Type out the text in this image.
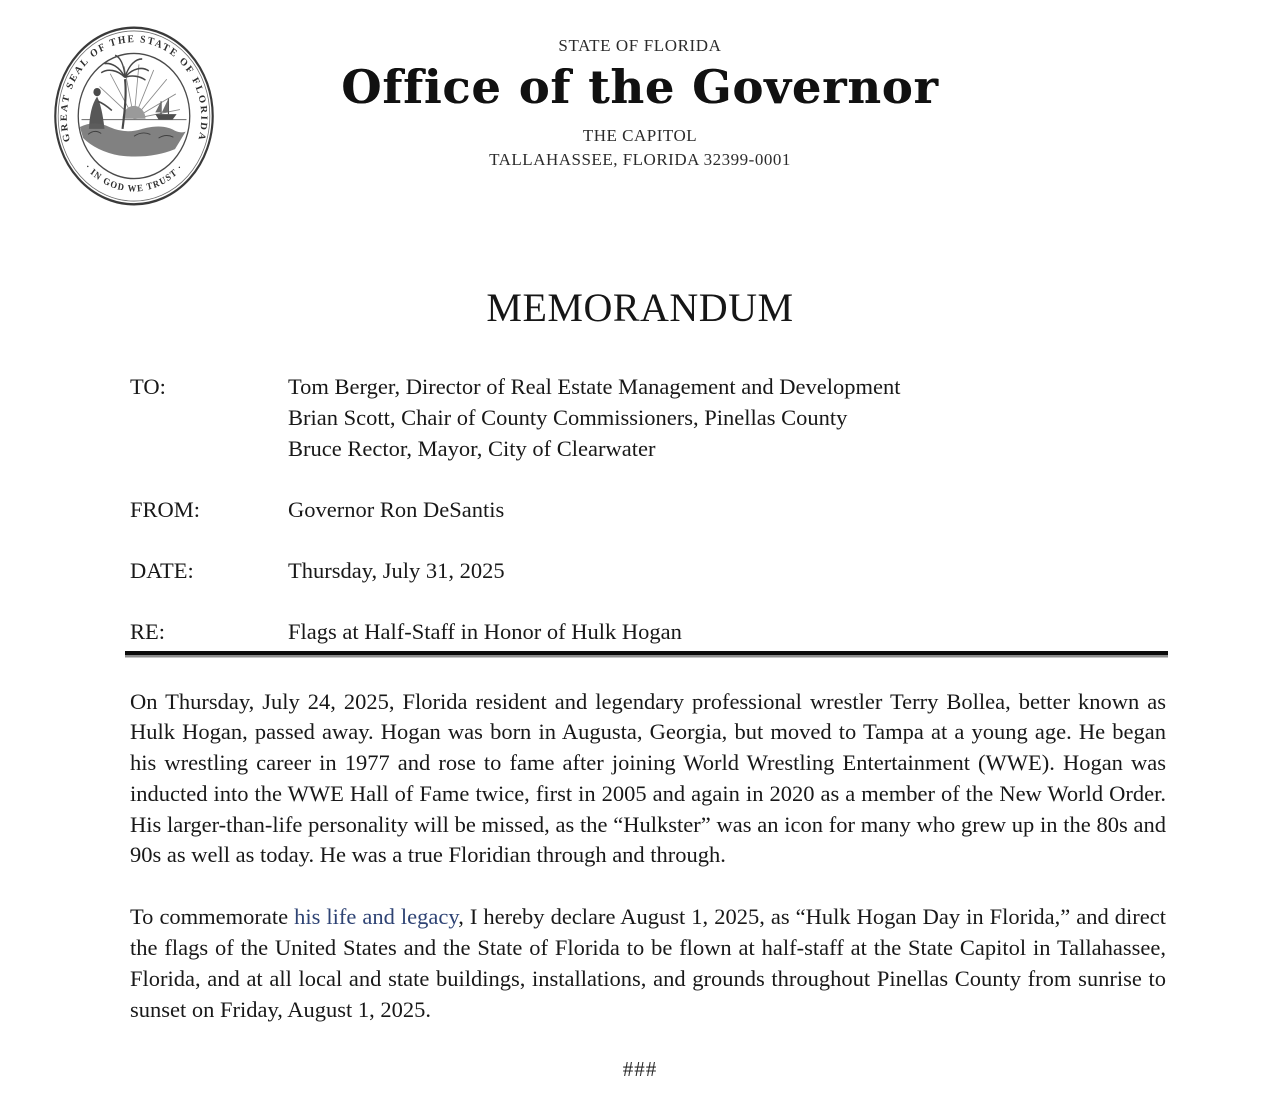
GREAT SEAL OF THE STATE OF FLORIDA
· IN GOD WE TRUST ·
STATE OF FLORIDA
Office of the Governor
THE CAPITOL
TALLAHASSEE, FLORIDA 32399-0001
MEMORANDUM
TO:	Tom Berger, Director of Real Estate Management and Development
Brian Scott, Chair of County Commissioners, Pinellas County
Bruce Rector, Mayor, City of Clearwater
FROM:	Governor Ron DeSantis
DATE:	Thursday, July 31, 2025
RE:	Flags at Half-Staff in Honor of Hulk Hogan

On Thursday, July 24, 2025, Florida resident and legendary professional wrestler Terry Bollea, better known as Hulk Hogan, passed away. Hogan was born in Augusta, Georgia, but moved to Tampa at a young age. He began his wrestling career in 1977 and rose to fame after joining World Wrestling Entertainment (WWE). Hogan was inducted into the WWE Hall of Fame twice, first in 2005 and again in 2020 as a member of the New World Order. His larger-than-life personality will be missed, as the “Hulkster” was an icon for many who grew up in the 80s and 90s as well as today. He was a true Floridian through and through.

To commemorate his life and legacy, I hereby declare August 1, 2025, as “Hulk Hogan Day in Florida,” and direct the flags of the United States and the State of Florida to be flown at half-staff at the State Capitol in Tallahassee, Florida, and at all local and state buildings, installations, and grounds throughout Pinellas County from sunrise to sunset on Friday, August 1, 2025.

###
